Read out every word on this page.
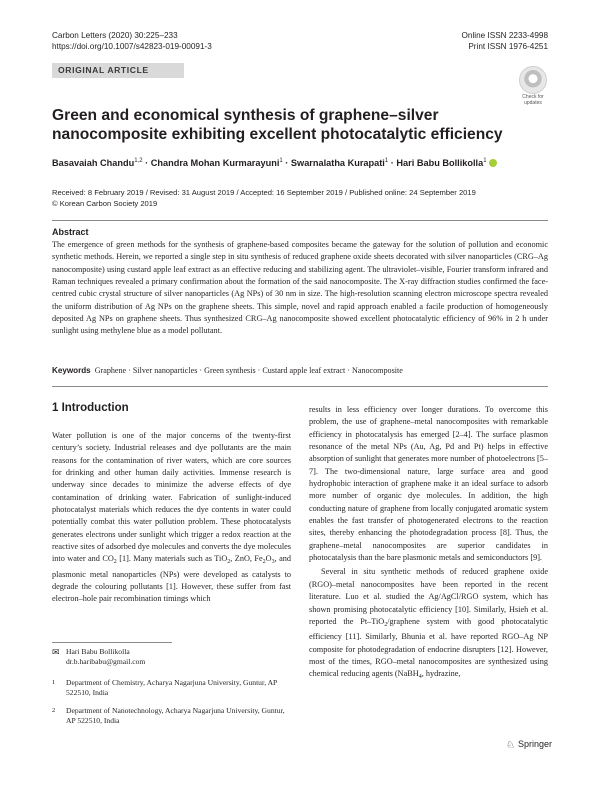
Carbon Letters (2020) 30:225–233
https://doi.org/10.1007/s42823-019-00091-3
Online ISSN 2233-4998
Print ISSN 1976-4251
ORIGINAL ARTICLE
Check for
updates
Green and economical synthesis of graphene–silver nanocomposite exhibiting excellent photocatalytic efficiency
Basavaiah Chandu$^{1,2}$ · Chandra Mohan Kurmarayuni$^1$ · Swarnalatha Kurapati$^1$ · Hari Babu Bollikolla$^1$
Received: 8 February 2019 / Revised: 31 August 2019 / Accepted: 16 September 2019 / Published online: 24 September 2019
© Korean Carbon Society 2019
Abstract
The emergence of green methods for the synthesis of graphene-based composites became the gateway for the solution of pollution and economic synthetic methods. Herein, we reported a single step in situ synthesis of reduced graphene oxide sheets decorated with silver nanoparticles (CRG–Ag nanocomposite) using custard apple leaf extract as an effective reducing and stabilizing agent. The ultraviolet–visible, Fourier transform infrared and Raman techniques revealed a primary confirmation about the formation of the said nanocomposite. The X-ray diffraction studies confirmed the face-centred cubic crystal structure of silver nanoparticles (Ag NPs) of 30 nm in size. The high-resolution scanning electron microscope spectra revealed the uniform distribution of Ag NPs on the graphene sheets. This simple, novel and rapid approach enabled a facile production of homogeneously deposited Ag NPs on graphene sheets. Thus synthesized CRG–Ag nanocomposite showed excellent photocatalytic efficiency of 96% in 2 h under sunlight using methylene blue as a model pollutant.
Keywords Graphene · Silver nanoparticles · Green synthesis · Custard apple leaf extract · Nanocomposite
1 Introduction

Water pollution is one of the major concerns of the twenty-first century’s society. Industrial releases and dye pollutants are the main reasons for the contamination of river waters, which are core sources for drinking and other human daily activities. Immense research is underway since decades to minimize the adverse effects of dye contamination of drinking water. Fabrication of sunlight-induced photocatalyst materials which reduces the dye contents in water could potentially combat this water pollution problem. These photocatalysts generates electrons under sunlight which trigger a redox reaction at the reactive sites of adsorbed dye molecules and converts the dye molecules into water and $CO_2$ [1]. Many materials such as TiO$_2$, ZnO, $Fe_2O_3$, and plasmonic metal nanoparticles (NPs) were developed as catalysts to degrade the colouring pollutants [1]. However, these suffer from fast electron–hole pair recombination timings which

✉ Hari Babu Bollikolla
dr.b.haribabu@gmail.com
1 Department of Chemistry, Acharya Nagarjuna University, Guntur, AP 522510, India
2 Department of Nanotechnology, Acharya Nagarjuna University, Guntur, AP 522510, India

results in less efficiency over longer durations. To overcome this problem, the use of graphene–metal nanocomposites with remarkable efficiency in photocatalysis has emerged [2–4]. The surface plasmon resonance of the metal NPs (Au, Ag, Pd and Pt) helps in effective absorption of sunlight that generates more number of photoelectrons [5–7]. The two-dimensional nature, large surface area and good hydrophobic interaction of graphene make it an ideal surface to adsorb more number of organic dye molecules. In addition, the high conducting nature of graphene from locally conjugated aromatic system enables the fast transfer of photogenerated electrons to the reaction sites, thereby enhancing the photodegradation process [8]. Thus, the graphene–metal nanocomposites are superior candidates in photocatalysis than the bare plasmonic metals and semiconductors [9].

Several in situ synthetic methods of reduced graphene oxide (RGO)–metal nanocomposites have been reported in the recent literature. Luo et al. studied the Ag/AgCl/RGO system, which has shown promising photocatalytic efficiency [10]. Similarly, Hsieh et al. reported the Pt–TiO$_2$/graphene system with good photocatalytic efficiency [11]. Similarly, Bhunia et al. have reported RGO–Ag NP composite for photodegradation of endocrine disrupters [12]. However, most of the times, RGO–metal nanocomposites are synthesized using chemical reducing agents (NaBH$_4$, hydrazine,

♘ Springer
